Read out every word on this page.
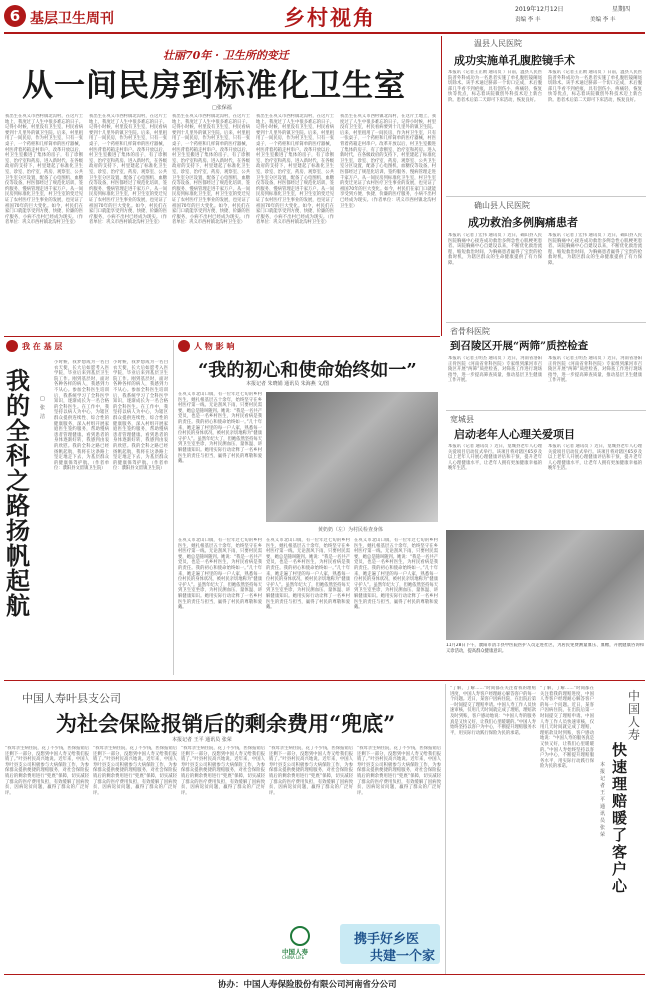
6 基层卫生周刊	乡村视角	2019年12月12日	星期四
责编 李 丰	美编 李 丰
壮丽70年 · 卫生所的变迁
从一间民房到标准化卫生室
□张保福
我出生在巩义市西村镇北沟村，在这片土地上，我度过了人生中很多难忘的日子。记得小时候，村里没有卫生室，村民看病要到十几里外的镇卫生院。后来，村里租用了一间民房，作为村卫生室，只有一张桌子、一个药柜和几样简单的医疗器械，村医背着药箱走村串户。改革开放以后，村卫生室搬进了集体的房子，有了诊断室、治疗室和药房。进入新时代，在各级政府的支持下，村里建起了标准化卫生室，诊室、治疗室、药房、观察室、公共卫生室分区设置，配备了心电图机、血糖仪等设备，村医都经过了规范化培训，签约服务、慢病管理走进千家万户。从一间民房到标准化卫生室，村卫生室的变迁见证了农村医疗卫生事业的发展，也见证了祖国70年的巨大变化。如今，村民们在家门口就能享受到方便、快捷、价廉的医疗服务，小病不出村已经成为现实。（作者单位：巩义市西村镇北沟村卫生室）
我出生在巩义市西村镇北沟村，在这片土地上，我度过了人生中很多难忘的日子。记得小时候，村里没有卫生室，村民看病要到十几里外的镇卫生院。后来，村里租用了一间民房，作为村卫生室，只有一张桌子、一个药柜和几样简单的医疗器械，村医背着药箱走村串户。改革开放以后，村卫生室搬进了集体的房子，有了诊断室、治疗室和药房。进入新时代，在各级政府的支持下，村里建起了标准化卫生室，诊室、治疗室、药房、观察室、公共卫生室分区设置，配备了心电图机、血糖仪等设备，村医都经过了规范化培训，签约服务、慢病管理走进千家万户。从一间民房到标准化卫生室，村卫生室的变迁见证了农村医疗卫生事业的发展，也见证了祖国70年的巨大变化。如今，村民们在家门口就能享受到方便、快捷、价廉的医疗服务，小病不出村已经成为现实。（作者单位：巩义市西村镇北沟村卫生室）
我出生在巩义市西村镇北沟村，在这片土地上，我度过了人生中很多难忘的日子。记得小时候，村里没有卫生室，村民看病要到十几里外的镇卫生院。后来，村里租用了一间民房，作为村卫生室，只有一张桌子、一个药柜和几样简单的医疗器械，村医背着药箱走村串户。改革开放以后，村卫生室搬进了集体的房子，有了诊断室、治疗室和药房。进入新时代，在各级政府的支持下，村里建起了标准化卫生室，诊室、治疗室、药房、观察室、公共卫生室分区设置，配备了心电图机、血糖仪等设备，村医都经过了规范化培训，签约服务、慢病管理走进千家万户。从一间民房到标准化卫生室，村卫生室的变迁见证了农村医疗卫生事业的发展，也见证了祖国70年的巨大变化。如今，村民们在家门口就能享受到方便、快捷、价廉的医疗服务，小病不出村已经成为现实。（作者单位：巩义市西村镇北沟村卫生室）
我出生在巩义市西村镇北沟村，在这片土地上，我度过了人生中很多难忘的日子。记得小时候，村里没有卫生室，村民看病要到十几里外的镇卫生院。后来，村里租用了一间民房，作为村卫生室，只有一张桌子、一个药柜和几样简单的医疗器械，村医背着药箱走村串户。改革开放以后，村卫生室搬进了集体的房子，有了诊断室、治疗室和药房。进入新时代，在各级政府的支持下，村里建起了标准化卫生室，诊室、治疗室、药房、观察室、公共卫生室分区设置，配备了心电图机、血糖仪等设备，村医都经过了规范化培训，签约服务、慢病管理走进千家万户。从一间民房到标准化卫生室，村卫生室的变迁见证了农村医疗卫生事业的发展，也见证了祖国70年的巨大变化。如今，村民们在家门口就能享受到方便、快捷、价廉的医疗服务，小病不出村已经成为现实。（作者单位：巩义市西村镇北沟村卫生室）
我出生在巩义市西村镇北沟村，在这片土地上，我度过了人生中很多难忘的日子。记得小时候，村里没有卫生室，村民看病要到十几里外的镇卫生院。后来，村里租用了一间民房，作为村卫生室，只有一张桌子、一个药柜和几样简单的医疗器械，村医背着药箱走村串户。改革开放以后，村卫生室搬进了集体的房子，有了诊断室、治疗室和药房。进入新时代，在各级政府的支持下，村里建起了标准化卫生室，诊室、治疗室、药房、观察室、公共卫生室分区设置，配备了心电图机、血糖仪等设备，村医都经过了规范化培训，签约服务、慢病管理走进千家万户。从一间民房到标准化卫生室，村卫生室的变迁见证了农村医疗卫生事业的发展，也见证了祖国70年的巨大变化。如今，村民们在家门口就能享受到方便、快捷、价廉的医疗服务，小病不出村已经成为现实。（作者单位：巩义市西村镇北沟村卫生室）
温县人民医院
成功实施单孔腹腔镜手术
本报讯（记者王正勋 通讯员 ）日前，温县人民医院普外科成功为一名患者实施了单孔腹腔镜阑尾切除术。该手术通过脐部一个切口完成，术后腹部几乎看不到疤痕，具有创伤小、疼痛轻、恢复快等优点，标志着该院微创外科技术迈上新台阶。患者术后第二天即可下床活动，恢复良好。
本报讯（记者王正勋 通讯员 ）日前，温县人民医院普外科成功为一名患者实施了单孔腹腔镜阑尾切除术。该手术通过脐部一个切口完成，术后腹部几乎看不到疤痕，具有创伤小、疼痛轻、恢复快等优点，标志着该院微创外科技术迈上新台阶。患者术后第二天即可下床活动，恢复良好。
确山县人民医院
成功救治多例胸痛患者
本报讯（记者丁宏伟 通讯员 ）近日，确山县人民医院胸痛中心接连成功救治多例急性心肌梗死患者。该院胸痛中心自建设以来，不断优化救治流程，缩短救治时间，为胸痛患者赢得了宝贵的抢救时机，为辖区群众的生命健康提供了有力保障。
本报讯（记者丁宏伟 通讯员 ）近日，确山县人民医院胸痛中心接连成功救治多例急性心肌梗死患者。该院胸痛中心自建设以来，不断优化救治流程，缩短救治时间，为胸痛患者赢得了宝贵的抢救时机，为辖区群众的生命健康提供了有力保障。
省骨科医院
到召陵区开展“两筛”质控检查
本报讯（记者王明杰 通讯员 ）近日，河南省洛阳正骨医院（河南省骨科医院）专家组到漯河市召陵区开展“两筛”质控检查，对筛查工作进行现场指导，进一步提高筛查质量，推动基层卫生健康工作开展。
本报讯（记者王明杰 通讯员 ）近日，河南省洛阳正骨医院（河南省骨科医院）专家组到漯河市召陵区开展“两筛”质控检查，对筛查工作进行现场指导，进一步提高筛查质量，推动基层卫生健康工作开展。
宽城县
启动老年人心理关爱项目
本报讯（记者 通讯员 ）近日，宽城县老年人心理关爱项目启动仪式举行。该项目将对辖区65岁及以上老年人开展心理健康评估和干预，提升老年人心理健康水平，让老年人拥有更加健康幸福的晚年生活。
本报讯（记者 通讯员 ）近日，宽城县老年人心理关爱项目启动仪式举行。该项目将对辖区65岁及以上老年人开展心理健康评估和干预，提升老年人心理健康水平，让老年人拥有更加健康幸福的晚年生活。
11月28日下午，濮阳市清丰县中医院医护人员走进社区，为居民免费测量血压、血糖，开展健康咨询和义诊活动，提高群众健康意识。
我 在 基 层
我的全科之路扬帆起航
□张 洁
小时候，我梦想成为一名白衣天使，长大后如愿考入医学院，毕业后来到基层卫生院工作。刚到基层时，面对各种各样的病人，我感到力不从心。参加全科医生培训后，我系统学习了全科医学知识，逐渐成长为一名合格的全科医生。在工作中，我坚持以病人为中心，为辖区群众提供连续性、综合性的健康服务，深入村组开展家庭医生签约服务，帮助慢病患者管理健康。看到患者的身体逐渐好转，我感到由衷的欣慰。我的全科之路已经扬帆起航，我将在这条路上坚定地走下去，为基层群众的健康保驾护航。（作者单位：濮阳县文留镇卫生院）
小时候，我梦想成为一名白衣天使，长大后如愿考入医学院，毕业后来到基层卫生院工作。刚到基层时，面对各种各样的病人，我感到力不从心。参加全科医生培训后，我系统学习了全科医学知识，逐渐成长为一名合格的全科医生。在工作中，我坚持以病人为中心，为辖区群众提供连续性、综合性的健康服务，深入村组开展家庭医生签约服务，帮助慢病患者管理健康。看到患者的身体逐渐好转，我感到由衷的欣慰。我的全科之路已经扬帆起航，我将在这条路上坚定地走下去，为基层群众的健康保驾护航。（作者单位：濮阳县文留镇卫生院）
人 物 影 响
“我的初心和使命始终如一”
本报记者 朱晓娟 通讯员 朱海燕 文/图
在巩义市北山口镇，有一位年过七旬的乡村医生，她扎根基层五十余年，始终坚守在乡村医疗第一线。无论刮风下雨，只要村民需要，她总是随叫随到。她说：“我是一名共产党员，也是一名乡村医生，为村民看病是我的责任。我的初心和使命始终如一。”几十年来，她走遍了村里的每一户人家，熟悉每一位村民的身体状况，被村民亲切地称为“健康守护人”。虽然年纪大了，但她依然坚持每天到卫生室坐诊，为村民测血压、量体温、讲解健康知识。她用实际行动诠释了一名乡村医生的责任与担当，赢得了村民的尊敬和爱戴。
黄奶奶（左）为村民检查身体
在巩义市北山口镇，有一位年过七旬的乡村医生，她扎根基层五十余年，始终坚守在乡村医疗第一线。无论刮风下雨，只要村民需要，她总是随叫随到。她说：“我是一名共产党员，也是一名乡村医生，为村民看病是我的责任。我的初心和使命始终如一。”几十年来，她走遍了村里的每一户人家，熟悉每一位村民的身体状况，被村民亲切地称为“健康守护人”。虽然年纪大了，但她依然坚持每天到卫生室坐诊，为村民测血压、量体温、讲解健康知识。她用实际行动诠释了一名乡村医生的责任与担当，赢得了村民的尊敬和爱戴。
在巩义市北山口镇，有一位年过七旬的乡村医生，她扎根基层五十余年，始终坚守在乡村医疗第一线。无论刮风下雨，只要村民需要，她总是随叫随到。她说：“我是一名共产党员，也是一名乡村医生，为村民看病是我的责任。我的初心和使命始终如一。”几十年来，她走遍了村里的每一户人家，熟悉每一位村民的身体状况，被村民亲切地称为“健康守护人”。虽然年纪大了，但她依然坚持每天到卫生室坐诊，为村民测血压、量体温、讲解健康知识。她用实际行动诠释了一名乡村医生的责任与担当，赢得了村民的尊敬和爱戴。
在巩义市北山口镇，有一位年过七旬的乡村医生，她扎根基层五十余年，始终坚守在乡村医疗第一线。无论刮风下雨，只要村民需要，她总是随叫随到。她说：“我是一名共产党员，也是一名乡村医生，为村民看病是我的责任。我的初心和使命始终如一。”几十年来，她走遍了村里的每一户人家，熟悉每一位村民的身体状况，被村民亲切地称为“健康守护人”。虽然年纪大了，但她依然坚持每天到卫生室坐诊，为村民测血压、量体温、讲解健康知识。她用实际行动诠释了一名乡村医生的责任与担当，赢得了村民的尊敬和爱戴。
中国人寿叶县支公司
为社会保险报销后的剩余费用“兜底”
本报记者 王平 通讯员 张荣
“我母亲生病住院，花了不少钱，医保报销后还剩下一部分，没想到中国人寿又给我们报销了。”叶县村民高兴地说。近年来，中国人寿叶县支公司积极参与大病保险工作，为参保群众提供便捷的理赔服务，对社会保险报销后的剩余费用进行“兜底”保障，切实减轻了群众的医疗费用负担，有效缓解了因病致贫、因病返贫问题，赢得了群众的广泛好评。
“我母亲生病住院，花了不少钱，医保报销后还剩下一部分，没想到中国人寿又给我们报销了。”叶县村民高兴地说。近年来，中国人寿叶县支公司积极参与大病保险工作，为参保群众提供便捷的理赔服务，对社会保险报销后的剩余费用进行“兜底”保障，切实减轻了群众的医疗费用负担，有效缓解了因病致贫、因病返贫问题，赢得了群众的广泛好评。
“我母亲生病住院，花了不少钱，医保报销后还剩下一部分，没想到中国人寿又给我们报销了。”叶县村民高兴地说。近年来，中国人寿叶县支公司积极参与大病保险工作，为参保群众提供便捷的理赔服务，对社会保险报销后的剩余费用进行“兜底”保障，切实减轻了群众的医疗费用负担，有效缓解了因病致贫、因病返贫问题，赢得了群众的广泛好评。
“我母亲生病住院，花了不少钱，医保报销后还剩下一部分，没想到中国人寿又给我们报销了。”叶县村民高兴地说。近年来，中国人寿叶县支公司积极参与大病保险工作，为参保群众提供便捷的理赔服务，对社会保险报销后的剩余费用进行“兜底”保障，切实减轻了群众的医疗费用负担，有效缓解了因病致贫、因病返贫问题，赢得了群众的广泛好评。
“我母亲生病住院，花了不少钱，医保报销后还剩下一部分，没想到中国人寿又给我们报销了。”叶县村民高兴地说。近年来，中国人寿叶县支公司积极参与大病保险工作，为参保群众提供便捷的理赔服务，对社会保险报销后的剩余费用进行“兜底”保障，切实减轻了群众的医疗费用负担，有效缓解了因病致贫、因病返贫问题，赢得了群众的广泛好评。
中国人寿
CHINA LIFE
携手好乡医
共建一个家
“了解，了解……”时间都在关注着我的理赔进度，中国人寿客户经理耐心解答客户的每一个问题。近日，某客户因病住院，在出院后第一时间提交了理赔申请。中国人寿工作人员快速审核，仅用几天时间就完成了理赔，理赔款及时到账，客户感动地说：“中国人寿的服务真是又快又好，让我们心里暖暖的。”中国人寿始终坚持以客户为中心，不断提升理赔服务水平，用实际行动践行保险为民的承诺。
“了解，了解……”时间都在关注着我的理赔进度，中国人寿客户经理耐心解答客户的每一个问题。近日，某客户因病住院，在出院后第一时间提交了理赔申请。中国人寿工作人员快速审核，仅用几天时间就完成了理赔，理赔款及时到账，客户感动地说：“中国人寿的服务真是又快又好，让我们心里暖暖的。”中国人寿始终坚持以客户为中心，不断提升理赔服务水平，用实际行动践行保险为民的承诺。
中国人寿
快速理赔暖了客户心
本报记者 王平 通讯员 张荣
协办：中国人寿保险股份有限公司河南省分公司
